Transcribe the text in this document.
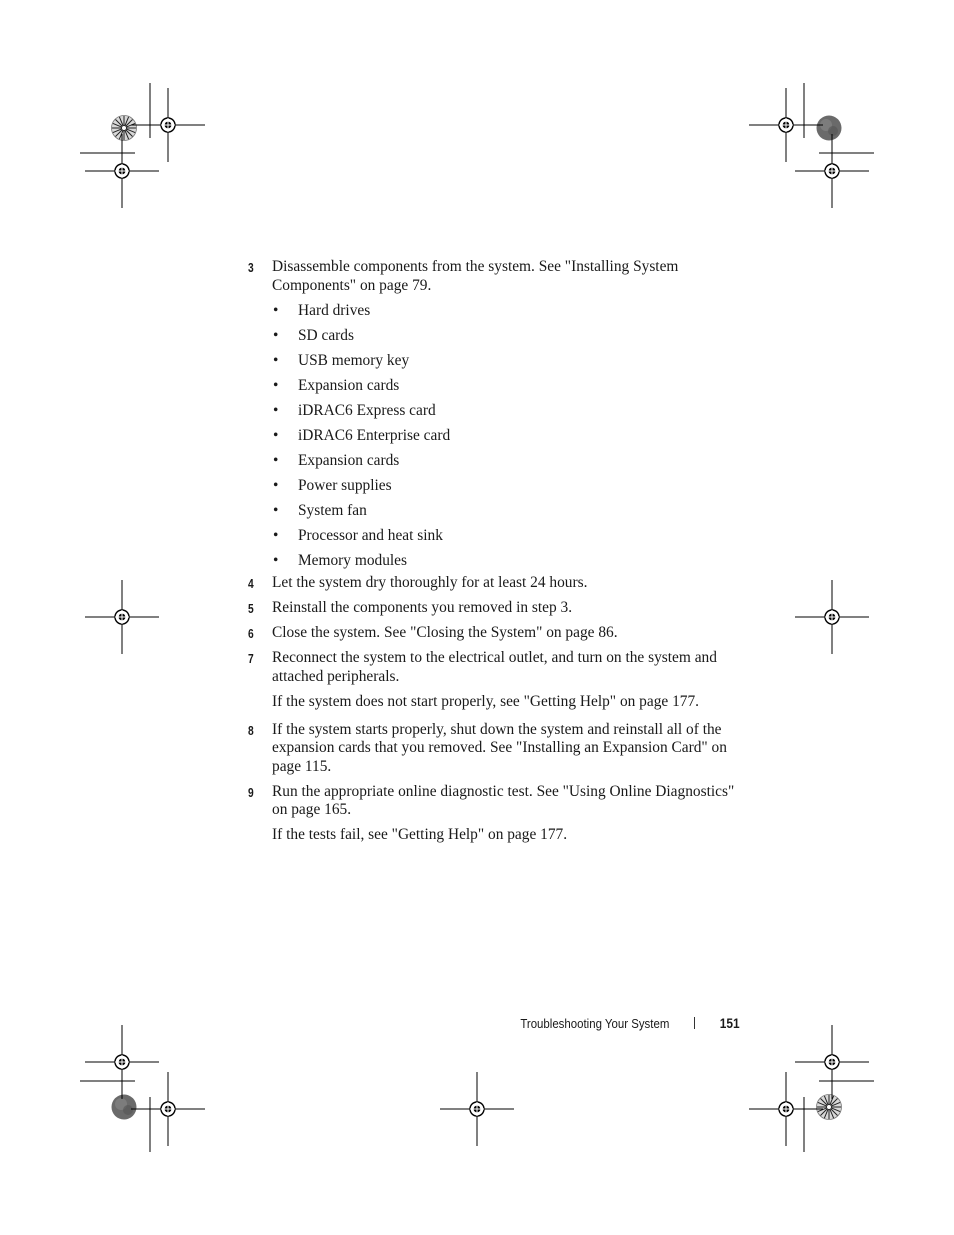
3 Disassemble components from the system. See "Installing System
Components" on page 79.
• Hard drives
• SD cards
• USB memory key
• Expansion cards
• iDRAC6 Express card
• iDRAC6 Enterprise card
• Expansion cards
• Power supplies
• System fan
• Processor and heat sink
• Memory modules
4 Let the system dry thoroughly for at least 24 hours.
5 Reinstall the components you removed in step 3.
6 Close the system. See "Closing the System" on page 86.
7 Reconnect the system to the electrical outlet, and turn on the system and
attached peripherals.
If the system does not start properly, see "Getting Help" on page 177.
8 If the system starts properly, shut down the system and reinstall all of the
expansion cards that you removed. See "Installing an Expansion Card" on
page 115.
9 Run the appropriate online diagnostic test. See "Using Online Diagnostics"
on page 165.
If the tests fail, see "Getting Help" on page 177.
Troubleshooting Your System	151
